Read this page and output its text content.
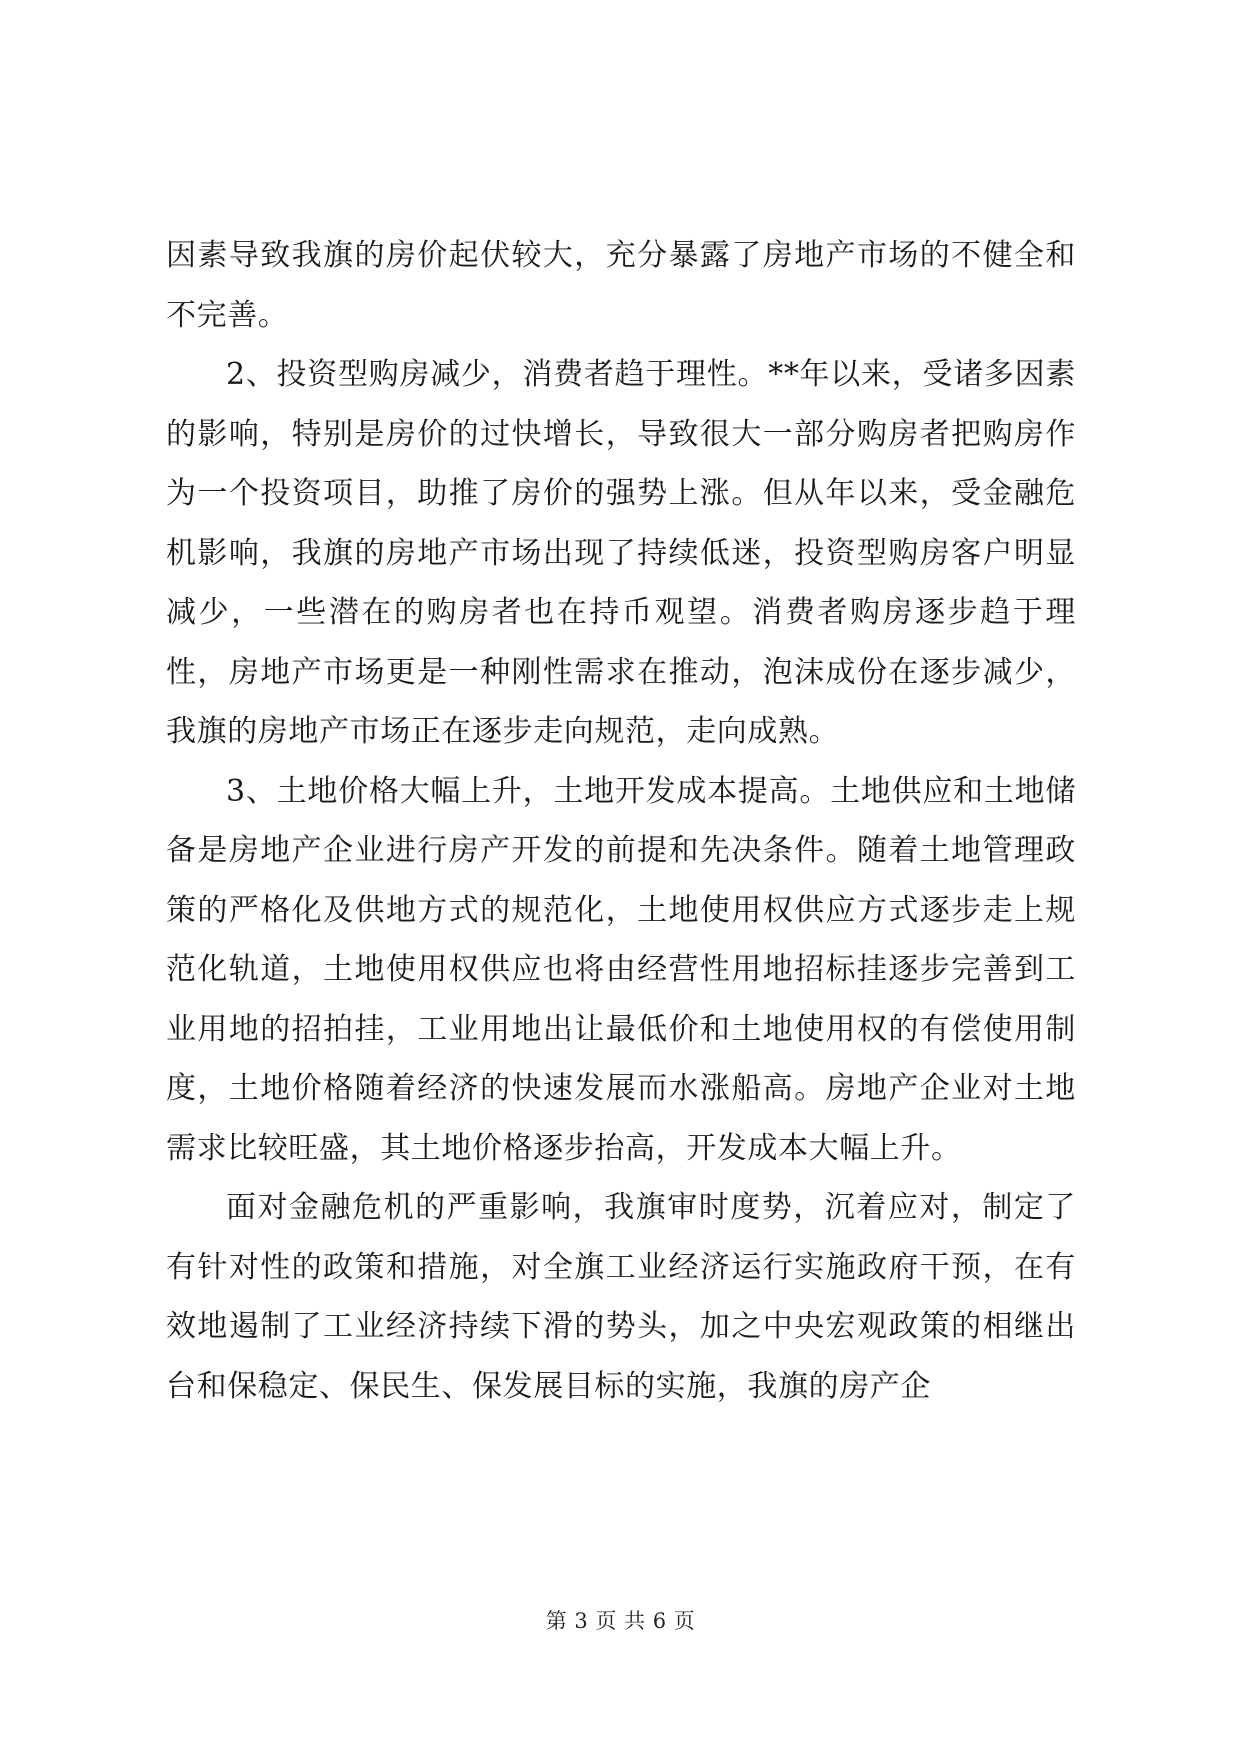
因素导致我旗的房价起伏较大，充分暴露了房地产市场的不健全和不完善。

2、投资型购房减少，消费者趋于理性。**年以来，受诸多因素的影响，特别是房价的过快增长，导致很大一部分购房者把购房作为一个投资项目，助推了房价的强势上涨。但从年以来，受金融危机影响，我旗的房地产市场出现了持续低迷，投资型购房客户明显减少，一些潜在的购房者也在持币观望。消费者购房逐步趋于理性，房地产市场更是一种刚性需求在推动，泡沫成份在逐步减少，我旗的房地产市场正在逐步走向规范，走向成熟。

3、土地价格大幅上升，土地开发成本提高。土地供应和土地储备是房地产企业进行房产开发的前提和先决条件。随着土地管理政策的严格化及供地方式的规范化，土地使用权供应方式逐步走上规范化轨道，土地使用权供应也将由经营性用地招标挂逐步完善到工业用地的招拍挂，工业用地出让最低价和土地使用权的有偿使用制度，土地价格随着经济的快速发展而水涨船高。房地产企业对土地需求比较旺盛，其土地价格逐步抬高，开发成本大幅上升。

面对金融危机的严重影响，我旗审时度势，沉着应对，制定了有针对性的政策和措施，对全旗工业经济运行实施政府干预，在有效地遏制了工业经济持续下滑的势头，加之中央宏观政策的相继出台和保稳定、保民生、保发展目标的实施，我旗的房产企

第 3 页 共 6 页
